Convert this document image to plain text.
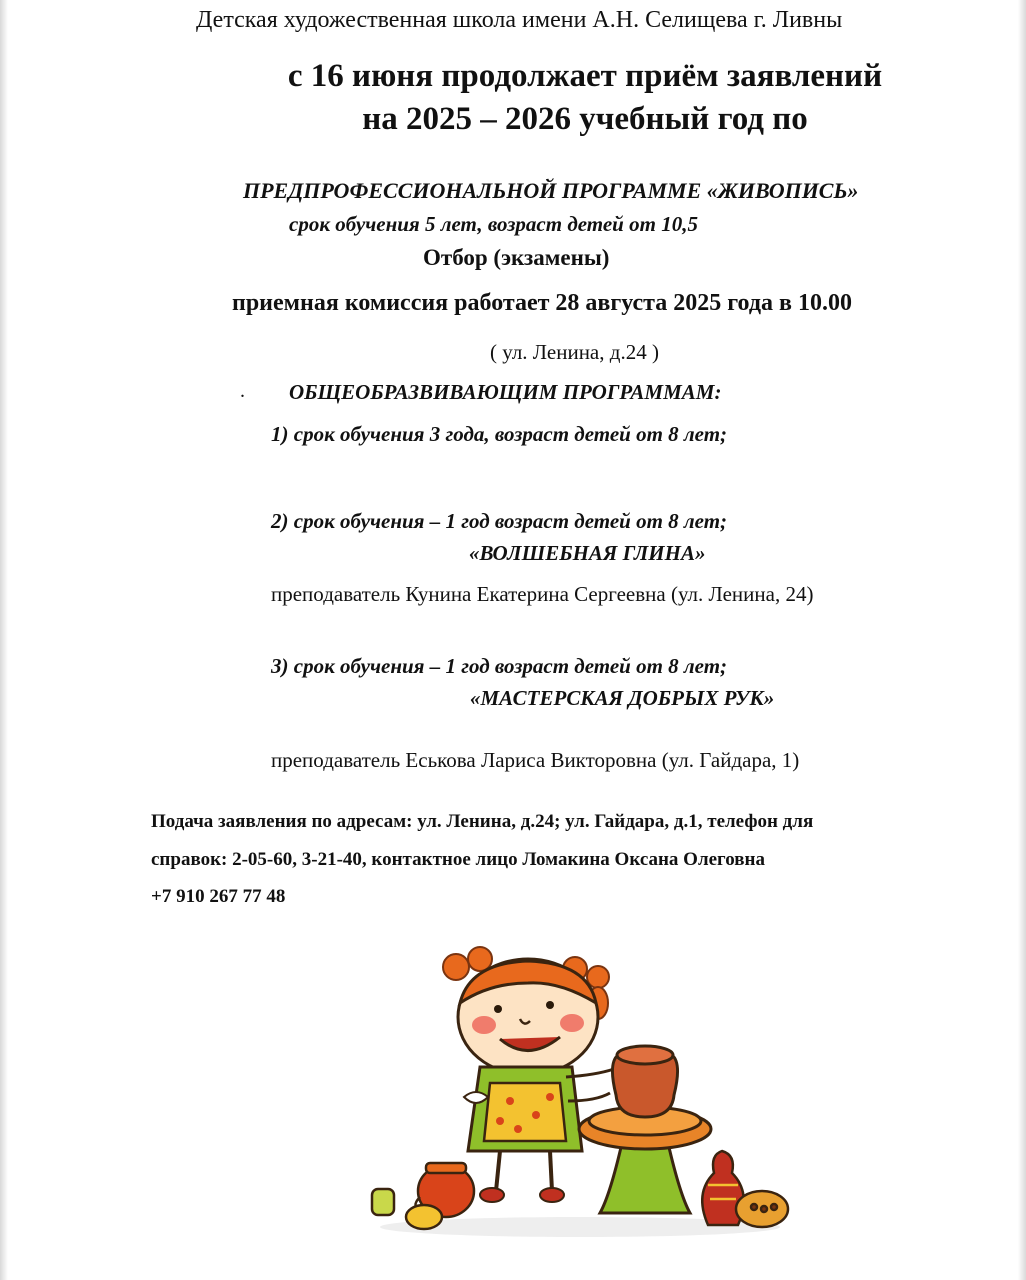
Детская художественная школа имени А.Н. Селищева г. Ливны

с 16 июня продолжает приём заявлений

на 2025 – 2026 учебный год по

ПРЕДПРОФЕССИОНАЛЬНОЙ ПРОГРАММЕ «ЖИВОПИСЬ»

срок обучения 5 лет, возраст детей от 10,5

Отбор (экзамены)

приемная комиссия работает 28 августа 2025 года в 10.00

( ул. Ленина, д.24 )

. ОБЩЕОБРАЗВИВАЮЩИМ ПРОГРАММАМ:

1) срок обучения 3 года, возраст детей от 8 лет;

2) срок обучения – 1 год возраст детей от 8 лет;

«ВОЛШЕБНАЯ ГЛИНА»

преподаватель Кунина Екатерина Сергеевна (ул. Ленина, 24)

3) срок обучения – 1 год возраст детей от 8 лет;

«МАСТЕРСКАЯ ДОБРЫХ РУК»

преподаватель Еськова Лариса Викторовна (ул. Гайдара, 1)

Подача заявления по адресам: ул. Ленина, д.24; ул. Гайдара, д.1, телефон для

справок: 2-05-60, 3-21-40, контактное лицо Ломакина Оксана Олеговна

+7 910 267 77 48
